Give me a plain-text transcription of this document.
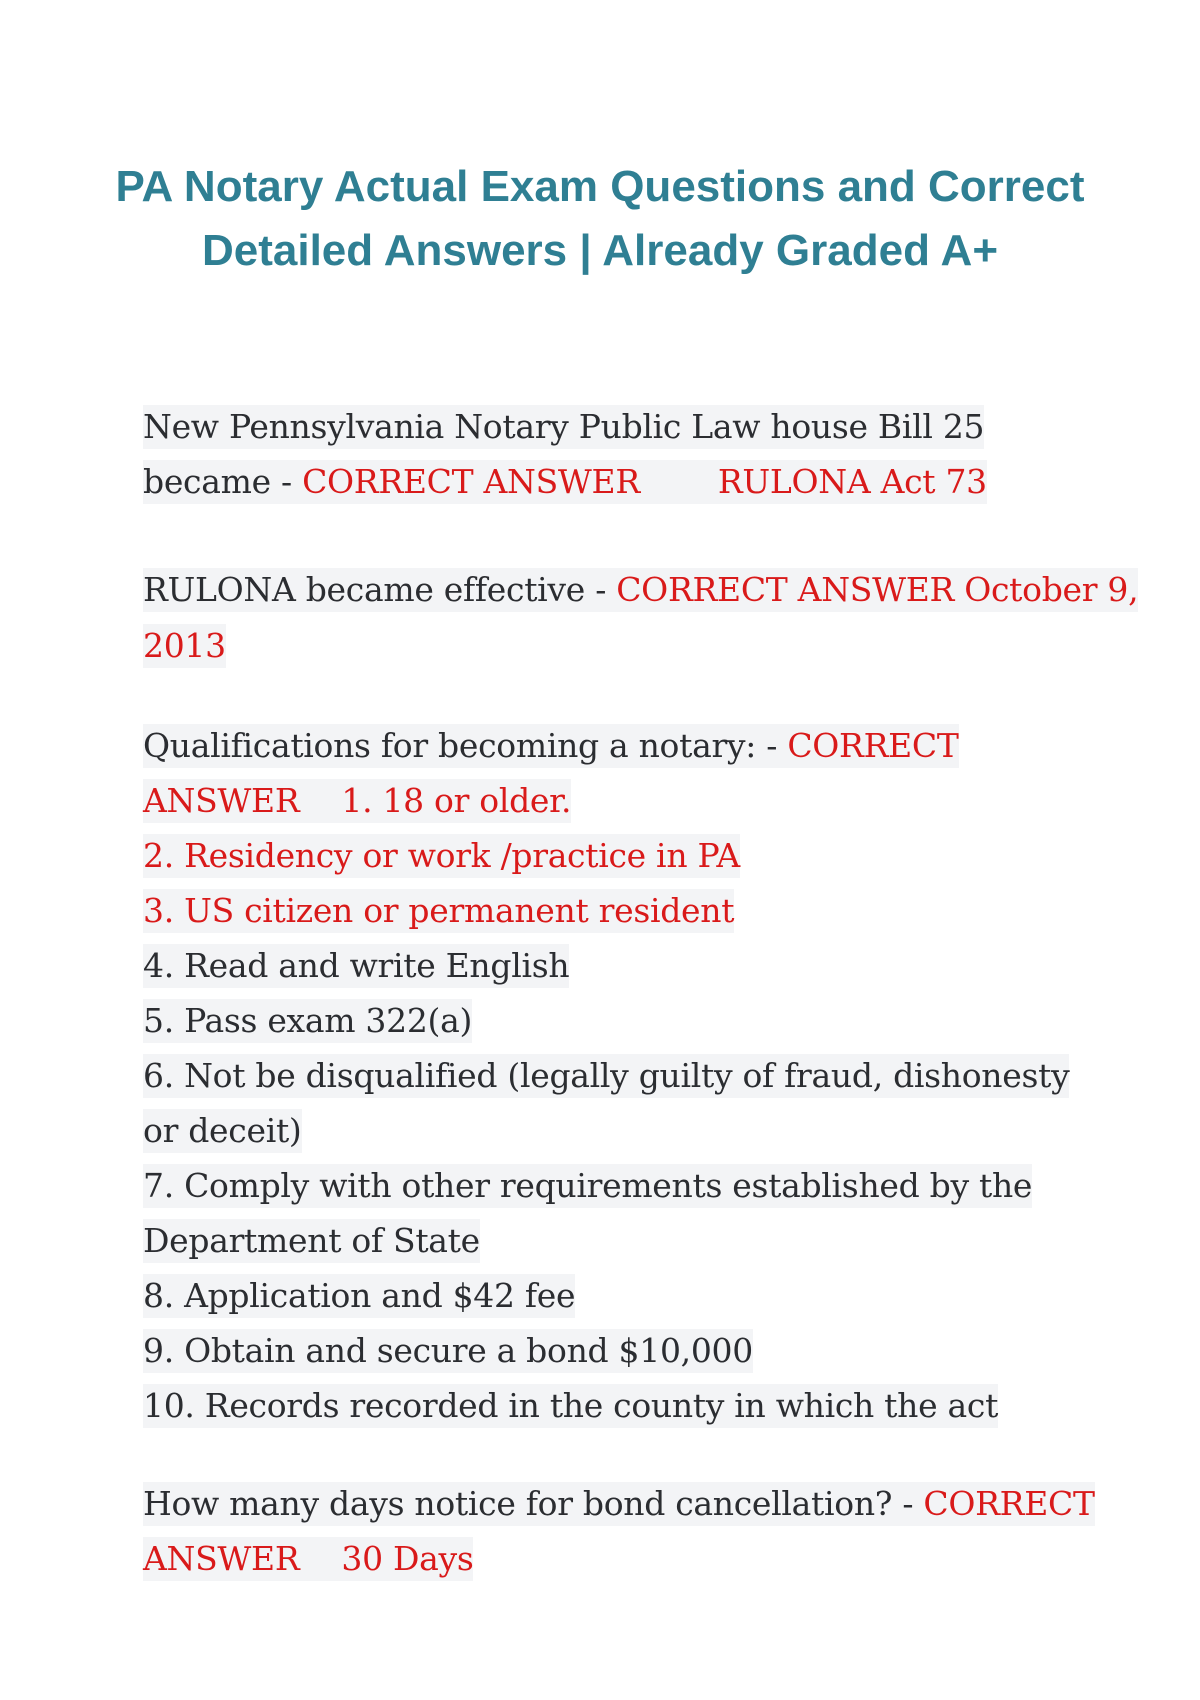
PA Notary Actual Exam Questions and Correct
Detailed Answers | Already Graded A+
New Pennsylvania Notary Public Law house Bill 25
became - CORRECT ANSWER RULONA Act 73
RULONA became effective - CORRECT ANSWER October 9,
2013
Qualifications for becoming a notary: - CORRECT
ANSWER 1. 18 or older.
2. Residency or work /practice in PA
3. US citizen or permanent resident
4. Read and write English
5. Pass exam 322(a)
6. Not be disqualified (legally guilty of fraud, dishonesty
or deceit)
7. Comply with other requirements established by the
Department of State
8. Application and $42 fee
9. Obtain and secure a bond $10,000
10. Records recorded in the county in which the act
How many days notice for bond cancellation? - CORRECT
ANSWER 30 Days
